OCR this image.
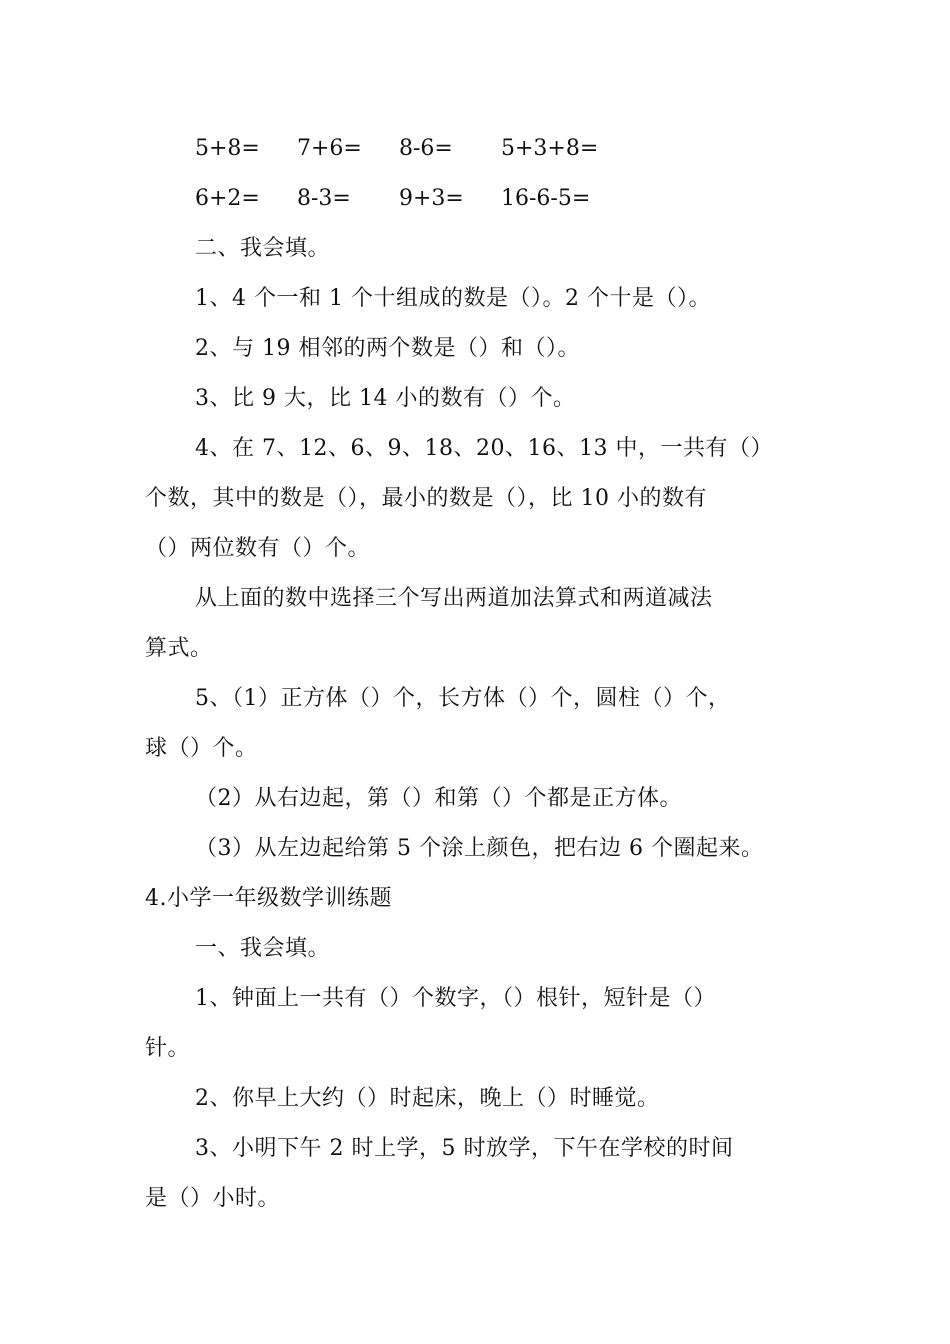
5+8= 7+6= 8-6= 5+3+8=
6+2= 8-3= 9+3= 16-6-5=
二、我会填。
1、4 个一和 1 个十组成的数是（）。2 个十是（）。
2、与 19 相邻的两个数是（）和（）。
3、比 9 大，比 14 小的数有（）个。
4、在 7、12、6、9、18、20、16、13 中，一共有（）
个数，其中的数是（），最小的数是（），比 10 小的数有
（）两位数有（）个。
从上面的数中选择三个写出两道加法算式和两道减法
算式。
5、（1）正方体（）个，长方体（）个，圆柱（）个，
球（）个。
（2）从右边起，第（）和第（）个都是正方体。
（3）从左边起给第 5 个涂上颜色，把右边 6 个圈起来。
4.小学一年级数学训练题
一、我会填。
1、钟面上一共有（）个数字，（）根针，短针是（）
针。
2、你早上大约（）时起床，晚上（）时睡觉。
3、小明下午 2 时上学，5 时放学，下午在学校的时间
是（）小时。
